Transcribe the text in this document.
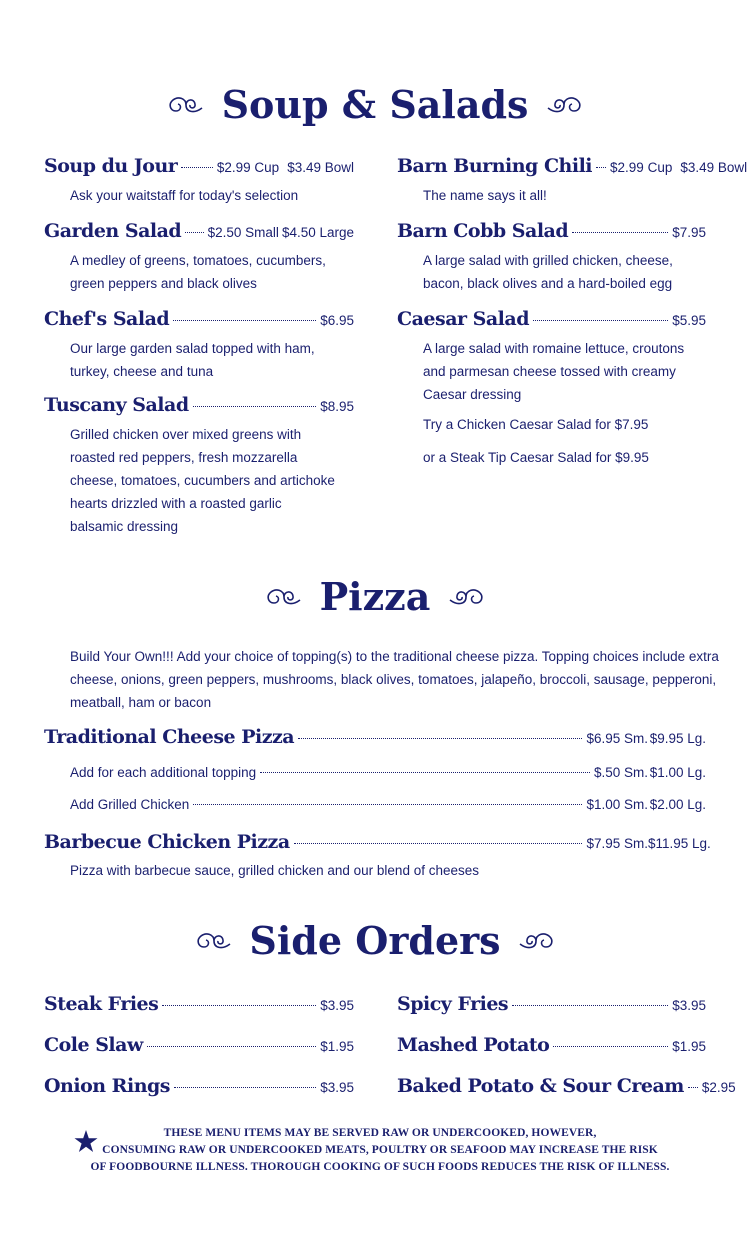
Soup & Salads
Soup du Jour	$2.99 Cup $3.49 Bowl
Ask your waitstaff for today's selection
Garden Salad $2.50 Small $4.50 Large
A medley of greens, tomatoes, cucumbers,
green peppers and black olives
Chef's Salad	$6.95
Our large garden salad topped with ham,
turkey, cheese and tuna
Tuscany Salad	$8.95
Grilled chicken over mixed greens with
roasted red peppers, fresh mozzarella
cheese, tomatoes, cucumbers and artichoke
hearts drizzled with a roasted garlic
balsamic dressing
Barn Burning Chili $2.99 Cup $3.49 Bowl
The name says it all!
Barn Cobb Salad	$7.95
A large salad with grilled chicken, cheese,
bacon, black olives and a hard-boiled egg
Caesar Salad	$5.95
A large salad with romaine lettuce, croutons
and parmesan cheese tossed with creamy
Caesar dressing
Try a Chicken Caesar Salad for $7.95
or a Steak Tip Caesar Salad for $9.95
Pizza
Build Your Own!!! Add your choice of topping(s) to the traditional cheese pizza. Topping choices include extra
cheese, onions, green peppers, mushrooms, black olives, tomatoes, jalapeño, broccoli, sausage, pepperoni,
meatball, ham or bacon
Traditional Cheese Pizza	$6.95 Sm. $9.95 Lg.
Add for each additional topping	$.50 Sm. $1.00 Lg.
Add Grilled Chicken	$1.00 Sm. $2.00 Lg.
Barbecue Chicken Pizza	$7.95 Sm. $11.95 Lg.
Pizza with barbecue sauce, grilled chicken and our blend of cheeses
Side Orders
Steak Fries	$3.95
Cole Slaw	$1.95
Onion Rings	$3.95
Spicy Fries	$3.95
Mashed Potato	$1.95
Baked Potato & Sour Cream $2.95
THESE MENU ITEMS MAY BE SERVED RAW OR UNDERCOOKED, HOWEVER,
CONSUMING RAW OR UNDERCOOKED MEATS, POULTRY OR SEAFOOD MAY INCREASE THE RISK
OF FOODBOURNE ILLNESS. THOROUGH COOKING OF SUCH FOODS REDUCES THE RISK OF ILLNESS.
